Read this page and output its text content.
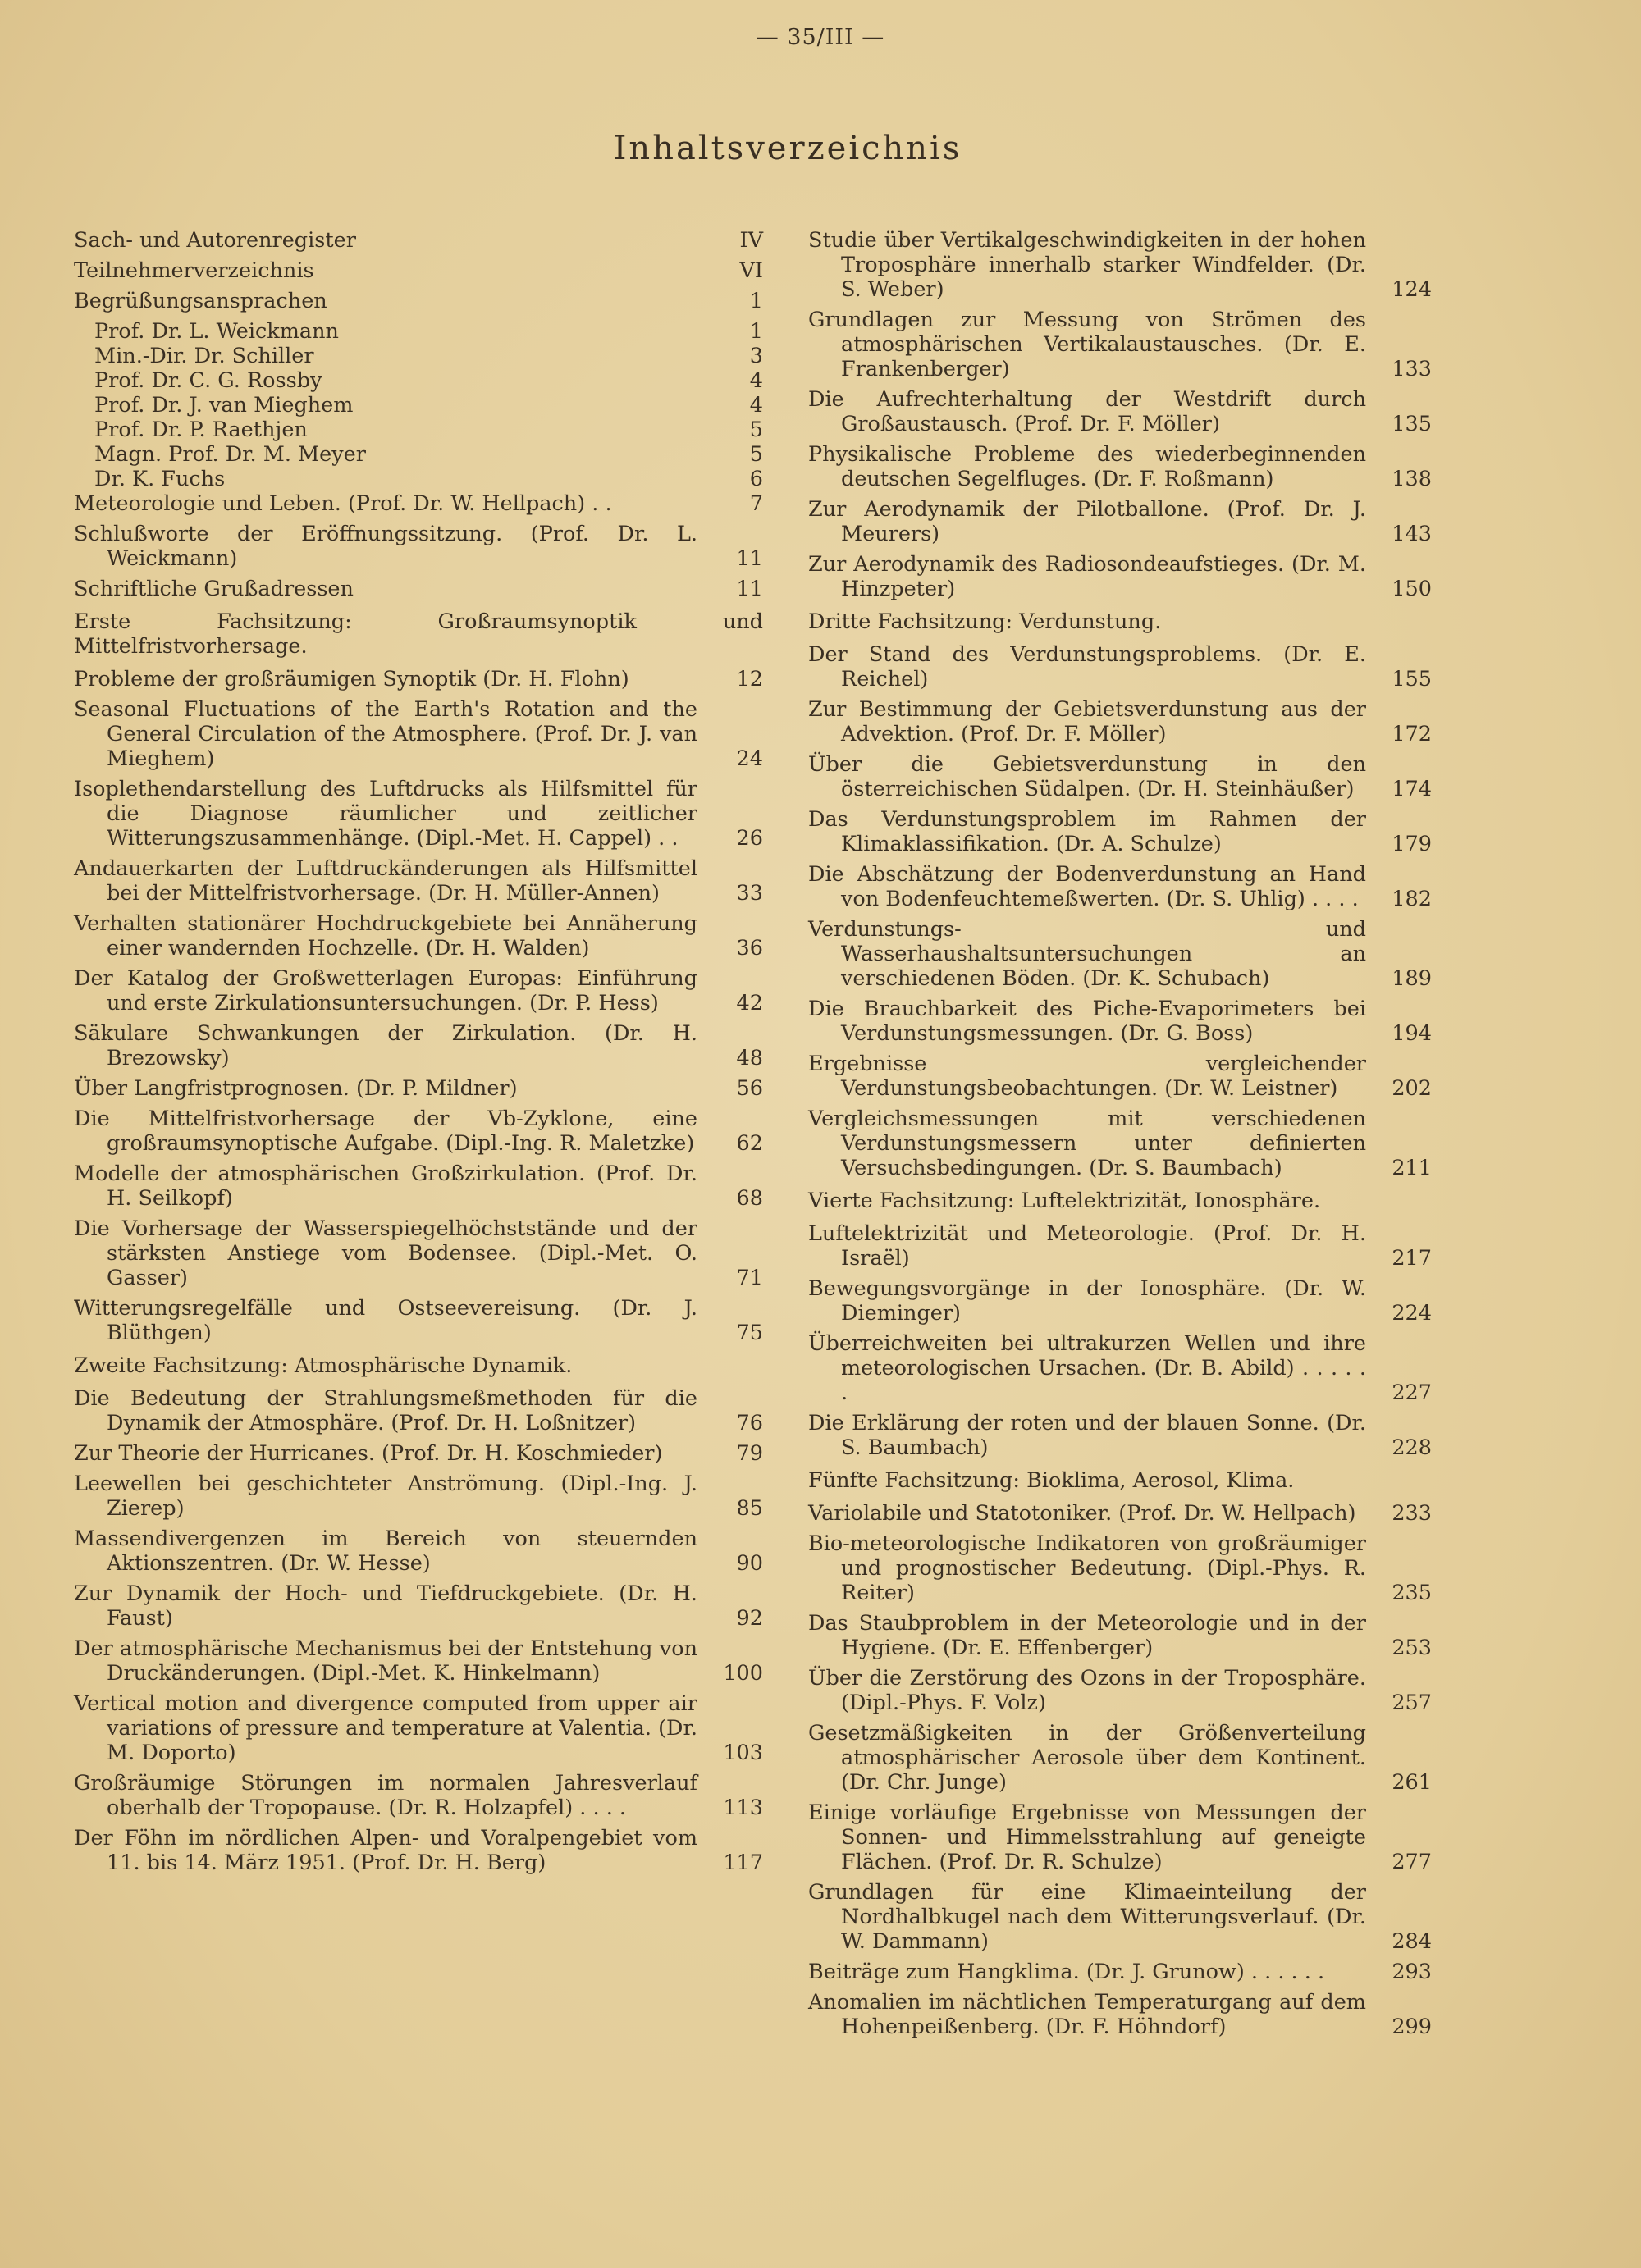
— 35/III —
Inhaltsverzeichnis
Sach- und Autorenregister	IV
Teilnehmerverzeichnis	VI
Begrüßungsansprachen	1
Prof. Dr. L. Weickmann	1
Min.-Dir. Dr. Schiller	3
Prof. Dr. C. G. Rossby	4
Prof. Dr. J. van Mieghem	4
Prof. Dr. P. Raethjen	5
Magn. Prof. Dr. M. Meyer	5
Dr. K. Fuchs	6
Meteorologie und Leben. (Prof. Dr. W. Hellpach) . .	7
Schlußworte der Eröffnungssitzung. (Prof. Dr. L. Weickmann)	11
Schriftliche Grußadressen	11
Erste Fachsitzung: Großraumsynoptik und Mittelfristvorhersage.
Probleme der großräumigen Synoptik (Dr. H. Flohn)	12
Seasonal Fluctuations of the Earth's Rotation and the General Circulation of the Atmosphere. (Prof. Dr. J. van Mieghem)	24
Isoplethendarstellung des Luftdrucks als Hilfsmittel für die Diagnose räumlicher und zeitlicher Witterungszusammenhänge. (Dipl.-Met. H. Cappel) . .	26
Andauerkarten der Luftdruckänderungen als Hilfsmittel bei der Mittelfristvorhersage. (Dr. H. Müller-Annen)	33
Verhalten stationärer Hochdruckgebiete bei Annäherung einer wandernden Hochzelle. (Dr. H. Walden)	36
Der Katalog der Großwetterlagen Europas: Einführung und erste Zirkulationsuntersuchungen. (Dr. P. Hess)	42
Säkulare Schwankungen der Zirkulation. (Dr. H. Brezowsky)	48
Über Langfristprognosen. (Dr. P. Mildner)	56
Die Mittelfristvorhersage der Vb-Zyklone, eine großraumsynoptische Aufgabe. (Dipl.-Ing. R. Maletzke)	62
Modelle der atmosphärischen Großzirkulation. (Prof. Dr. H. Seilkopf)	68
Die Vorhersage der Wasserspiegelhöchststände und der stärksten Anstiege vom Bodensee. (Dipl.-Met. O. Gasser)	71
Witterungsregelfälle und Ostseevereisung. (Dr. J. Blüthgen)	75
Zweite Fachsitzung: Atmosphärische Dynamik.
Die Bedeutung der Strahlungsmeßmethoden für die Dynamik der Atmosphäre. (Prof. Dr. H. Loßnitzer)	76
Zur Theorie der Hurricanes. (Prof. Dr. H. Koschmieder)	79
Leewellen bei geschichteter Anströmung. (Dipl.-Ing. J. Zierep)	85
Massendivergenzen im Bereich von steuernden Aktionszentren. (Dr. W. Hesse)	90
Zur Dynamik der Hoch- und Tiefdruckgebiete. (Dr. H. Faust)	92
Der atmosphärische Mechanismus bei der Entstehung von Druckänderungen. (Dipl.-Met. K. Hinkelmann)	100
Vertical motion and divergence computed from upper air variations of pressure and temperature at Valentia. (Dr. M. Doporto)	103
Großräumige Störungen im normalen Jahresverlauf oberhalb der Tropopause. (Dr. R. Holzapfel) . . . .	113
Der Föhn im nördlichen Alpen- und Voralpengebiet vom 11. bis 14. März 1951. (Prof. Dr. H. Berg)	117
Studie über Vertikalgeschwindigkeiten in der hohen Troposphäre innerhalb starker Windfelder. (Dr. S. Weber)	124
Grundlagen zur Messung von Strömen des atmosphärischen Vertikalaustausches. (Dr. E. Frankenberger)	133
Die Aufrechterhaltung der Westdrift durch Großaustausch. (Prof. Dr. F. Möller)	135
Physikalische Probleme des wiederbeginnenden deutschen Segelfluges. (Dr. F. Roßmann)	138
Zur Aerodynamik der Pilotballone. (Prof. Dr. J. Meurers)	143
Zur Aerodynamik des Radiosondeaufstieges. (Dr. M. Hinzpeter)	150
Dritte Fachsitzung: Verdunstung.
Der Stand des Verdunstungsproblems. (Dr. E. Reichel)	155
Zur Bestimmung der Gebietsverdunstung aus der Advektion. (Prof. Dr. F. Möller)	172
Über die Gebietsverdunstung in den österreichischen Südalpen. (Dr. H. Steinhäußer)	174
Das Verdunstungsproblem im Rahmen der Klimaklassifikation. (Dr. A. Schulze)	179
Die Abschätzung der Bodenverdunstung an Hand von Bodenfeuchtemeßwerten. (Dr. S. Uhlig) . . . .	182
Verdunstungs- und Wasserhaushaltsuntersuchungen an verschiedenen Böden. (Dr. K. Schubach)	189
Die Brauchbarkeit des Piche-Evaporimeters bei Verdunstungsmessungen. (Dr. G. Boss)	194
Ergebnisse vergleichender Verdunstungsbeobachtungen. (Dr. W. Leistner)	202
Vergleichsmessungen mit verschiedenen Verdunstungsmessern unter definierten Versuchsbedingungen. (Dr. S. Baumbach)	211
Vierte Fachsitzung: Luftelektrizität, Ionosphäre.
Luftelektrizität und Meteorologie. (Prof. Dr. H. Israël)	217
Bewegungsvorgänge in der Ionosphäre. (Dr. W. Dieminger)	224
Überreichweiten bei ultrakurzen Wellen und ihre meteorologischen Ursachen. (Dr. B. Abild) . . . . . .	227
Die Erklärung der roten und der blauen Sonne. (Dr. S. Baumbach)	228
Fünfte Fachsitzung: Bioklima, Aerosol, Klima.
Variolabile und Statotoniker. (Prof. Dr. W. Hellpach)	233
Bio-meteorologische Indikatoren von großräumiger und prognostischer Bedeutung. (Dipl.-Phys. R. Reiter)	235
Das Staubproblem in der Meteorologie und in der Hygiene. (Dr. E. Effenberger)	253
Über die Zerstörung des Ozons in der Troposphäre. (Dipl.-Phys. F. Volz)	257
Gesetzmäßigkeiten in der Größenverteilung atmosphärischer Aerosole über dem Kontinent. (Dr. Chr. Junge)	261
Einige vorläufige Ergebnisse von Messungen der Sonnen- und Himmelsstrahlung auf geneigte Flächen. (Prof. Dr. R. Schulze)	277
Grundlagen für eine Klimaeinteilung der Nordhalbkugel nach dem Witterungsverlauf. (Dr. W. Dammann)	284
Beiträge zum Hangklima. (Dr. J. Grunow) . . . . . .	293
Anomalien im nächtlichen Temperaturgang auf dem Hohenpeißenberg. (Dr. F. Höhndorf)	299
